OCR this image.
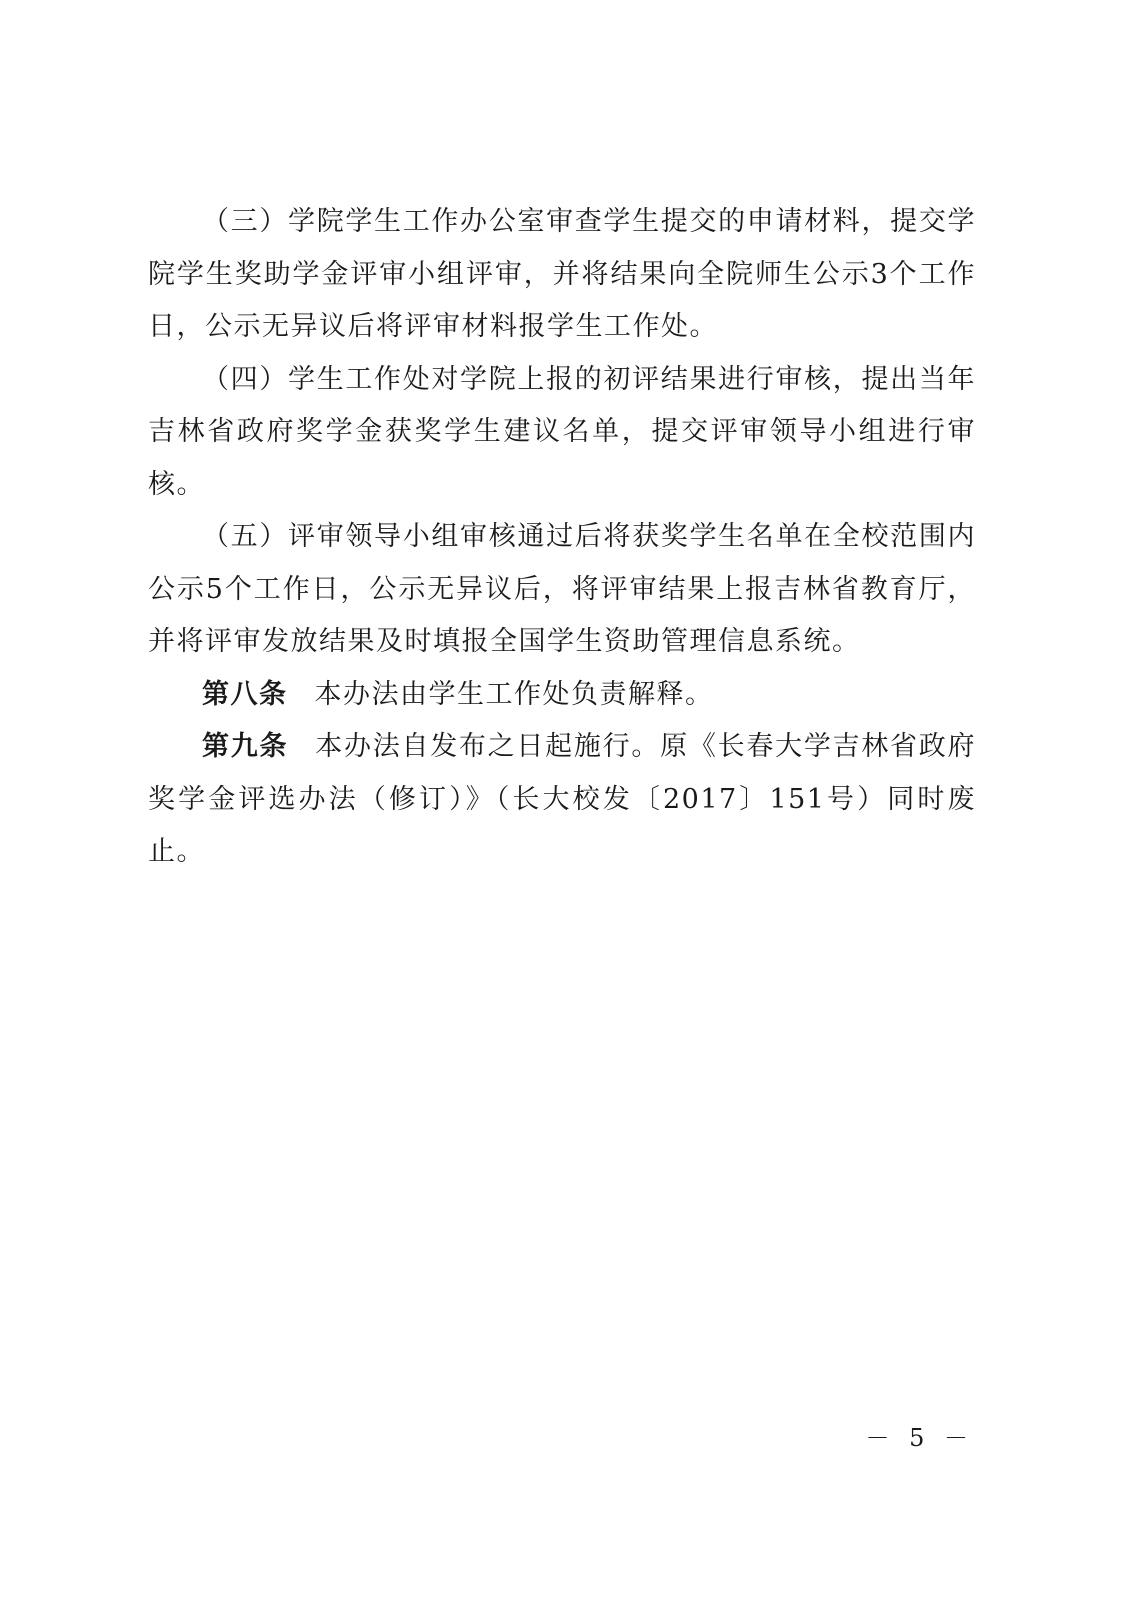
（三）学院学生工作办公室审查学生提交的申请材料，提交学院学生奖助学金评审小组评审，并将结果向全院师生公示3个工作日，公示无异议后将评审材料报学生工作处。

（四）学生工作处对学院上报的初评结果进行审核，提出当年吉林省政府奖学金获奖学生建议名单，提交评审领导小组进行审核。

（五）评审领导小组审核通过后将获奖学生名单在全校范围内公示5个工作日，公示无异议后，将评审结果上报吉林省教育厅，并将评审发放结果及时填报全国学生资助管理信息系统。

第八条 本办法由学生工作处负责解释。

第九条 本办法自发布之日起施行。原《长春大学吉林省政府奖学金评选办法（修订）》（长大校发〔2017〕151号）同时废止。

－ 5 －
